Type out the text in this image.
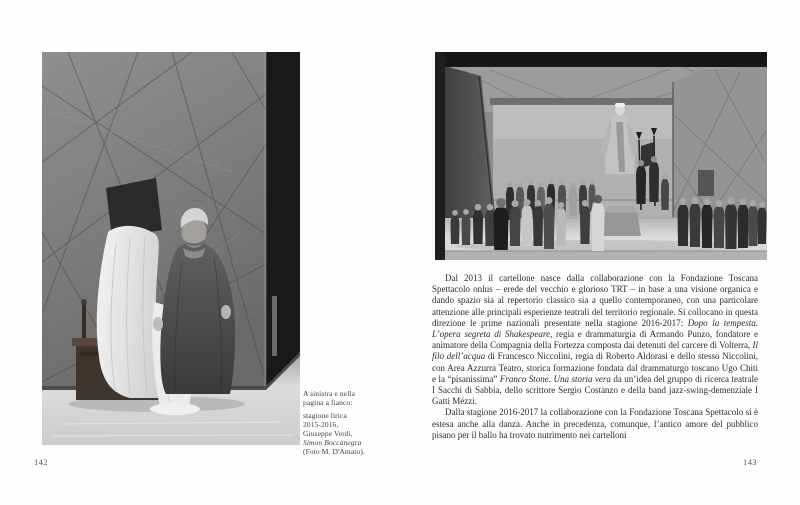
A sinistra e nella
pagina a fianco:
stagione lirica
2015-2016,
Giuseppe Verdi,
Simon Boccanegra
(Foto M. D'Amato).
142

Dal 2013 il cartellone nasce dalla collaborazione con la Fondazione Toscana Spettacolo onlus – erede del vecchio e glorioso TRT – in base a una visione organica e dando spazio sia al repertorio classico sia a quello contemporaneo, con una particolare attenzione alle principali esperienze teatrali del territorio regionale. Si collocano in questa direzione le prime nazionali presentate nella stagione 2016-2017: Dopo la tempesta. L’opera segreta di Shakespeare, regia e drammaturgia di Armando Punzo, fondatore e animatore della Compagnia della Fortezza composta dai detenuti del carcere di Volterra, Il filo dell’acqua di Francesco Niccolini, regia di Roberto Aldorasi e dello stesso Niccolini, con Area Azzurra Teatro, storica formazione fondata dal drammaturgo toscano Ugo Chiti e la “pisanissima” Franco Stone. Una storia vera da un’idea del gruppo di ricerca teatrale I Sacchi di Sabbia, dello scrittore Sergio Costanzo e della band jazz-swing-demenziale I Gatti Mézzi.

Dalla stagione 2016-2017 la collaborazione con la Fondazione Toscana Spettacolo si è estesa anche alla danza. Anche in precedenza, comunque, l’antico amore del pubblico pisano per il ballo ha trovato nutrimento nei cartelloni

143
